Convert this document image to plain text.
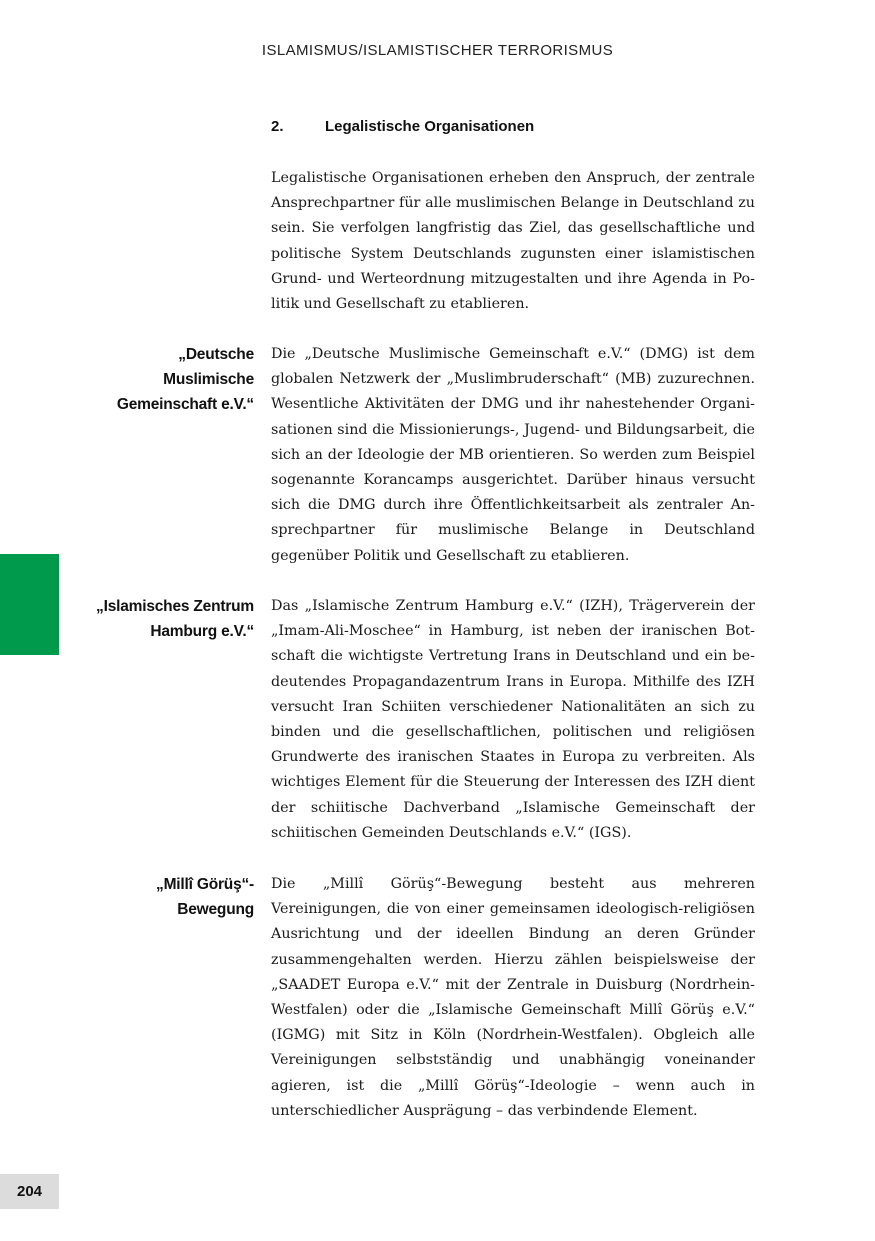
ISLAMISMUS/ISLAMISTISCHER TERRORISMUS
2.	Legalistische Organisationen

Legalistische Organisationen erheben den Anspruch, der zentrale Ansprechpartner für alle muslimischen Belange in Deutschland zu sein. Sie verfolgen langfristig das Ziel, das gesellschaftliche und politische System Deutschlands zugunsten einer islamistischen Grund- und Werteordnung mitzugestalten und ihre Agenda in Politik und Gesellschaft zu etablieren.

„Deutsche
Muslimische
Gemeinschaft e.V.“

Die „Deutsche Muslimische Gemeinschaft e.V.“ (DMG) ist dem globalen Netzwerk der „Muslimbruderschaft“ (MB) zuzurechnen. Wesentliche Aktivitäten der DMG und ihr nahestehender Organisationen sind die Missionierungs-, Jugend- und Bildungsarbeit, die sich an der Ideologie der MB orientieren. So werden zum Beispiel sogenannte Korancamps ausgerichtet. Darüber hinaus versucht sich die DMG durch ihre Öffentlichkeitsarbeit als zentraler Ansprechpartner für muslimische Belange in Deutschland gegenüber Politik und Gesellschaft zu etablieren.

„Islamisches Zentrum
Hamburg e.V.“

Das „Islamische Zentrum Hamburg e.V.“ (IZH), Trägerverein der „Imam-Ali-Moschee“ in Hamburg, ist neben der iranischen Botschaft die wichtigste Vertretung Irans in Deutschland und ein bedeutendes Propagandazentrum Irans in Europa. Mithilfe des IZH versucht Iran Schiiten verschiedener Nationalitäten an sich zu binden und die gesellschaftlichen, politischen und religiösen Grundwerte des iranischen Staates in Europa zu verbreiten. Als wichtiges Element für die Steuerung der Interessen des IZH dient der schiitische Dachverband „Islamische Gemeinschaft der schiitischen Gemeinden Deutschlands e.V.“ (IGS).

„Millî Görüş“-
Bewegung

Die „Millî Görüş“-Bewegung besteht aus mehreren Vereinigungen, die von einer gemeinsamen ideologisch-religiösen Ausrichtung und der ideellen Bindung an deren Gründer zusammengehalten werden. Hierzu zählen beispielsweise der „SAADET Europa e.V.“ mit der Zentrale in Duisburg (Nordrhein-Westfalen) oder die „Islamische Gemeinschaft Millî Görüş e.V.“ (IGMG) mit Sitz in Köln (Nordrhein-Westfalen). Obgleich alle Vereinigungen selbstständig und unabhängig voneinander agieren, ist die „Millî Görüş“-Ideologie – wenn auch in unterschiedlicher Ausprägung – das verbindende Element.

204
